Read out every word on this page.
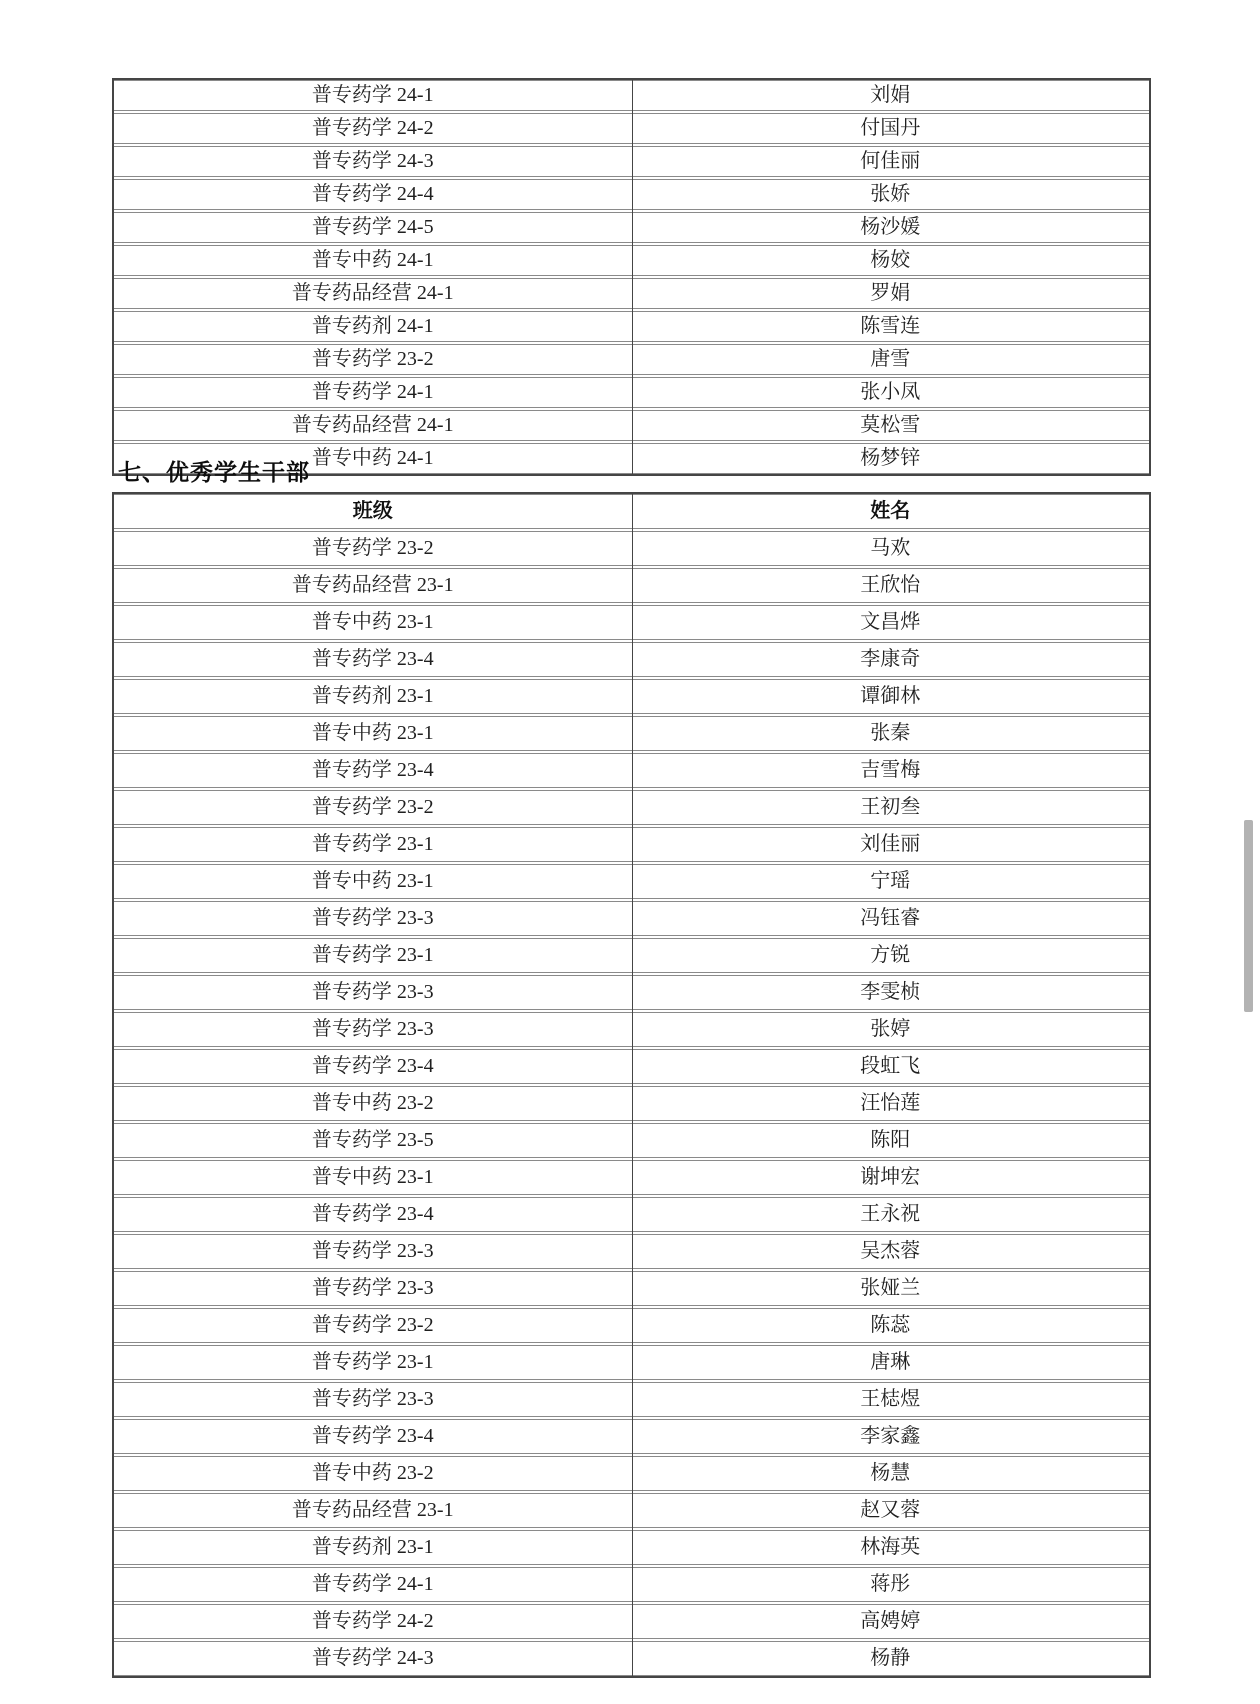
普专药学 24-1	刘娟
普专药学 24-2	付国丹
普专药学 24-3	何佳丽
普专药学 24-4	张娇
普专药学 24-5	杨沙媛
普专中药 24-1	杨姣
普专药品经营 24-1	罗娟
普专药剂 24-1	陈雪连
普专药学 23-2	唐雪
普专药学 24-1	张小凤
普专药品经营 24-1	莫松雪
普专中药 24-1	杨梦锌
七、优秀学生干部
班级	姓名
普专药学 23-2	马欢
普专药品经营 23-1	王欣怡
普专中药 23-1	文昌烨
普专药学 23-4	李康奇
普专药剂 23-1	谭御林
普专中药 23-1	张秦
普专药学 23-4	吉雪梅
普专药学 23-2	王初叁
普专药学 23-1	刘佳丽
普专中药 23-1	宁瑶
普专药学 23-3	冯钰睿
普专药学 23-1	方锐
普专药学 23-3	李雯桢
普专药学 23-3	张婷
普专药学 23-4	段虹飞
普专中药 23-2	汪怡莲
普专药学 23-5	陈阳
普专中药 23-1	谢坤宏
普专药学 23-4	王永祝
普专药学 23-3	吴杰蓉
普专药学 23-3	张娅兰
普专药学 23-2	陈蕊
普专药学 23-1	唐琳
普专药学 23-3	王梽煜
普专药学 23-4	李家鑫
普专中药 23-2	杨慧
普专药品经营 23-1	赵又蓉
普专药剂 23-1	林海英
普专药学 24-1	蒋彤
普专药学 24-2	高娉婷
普专药学 24-3	杨静
